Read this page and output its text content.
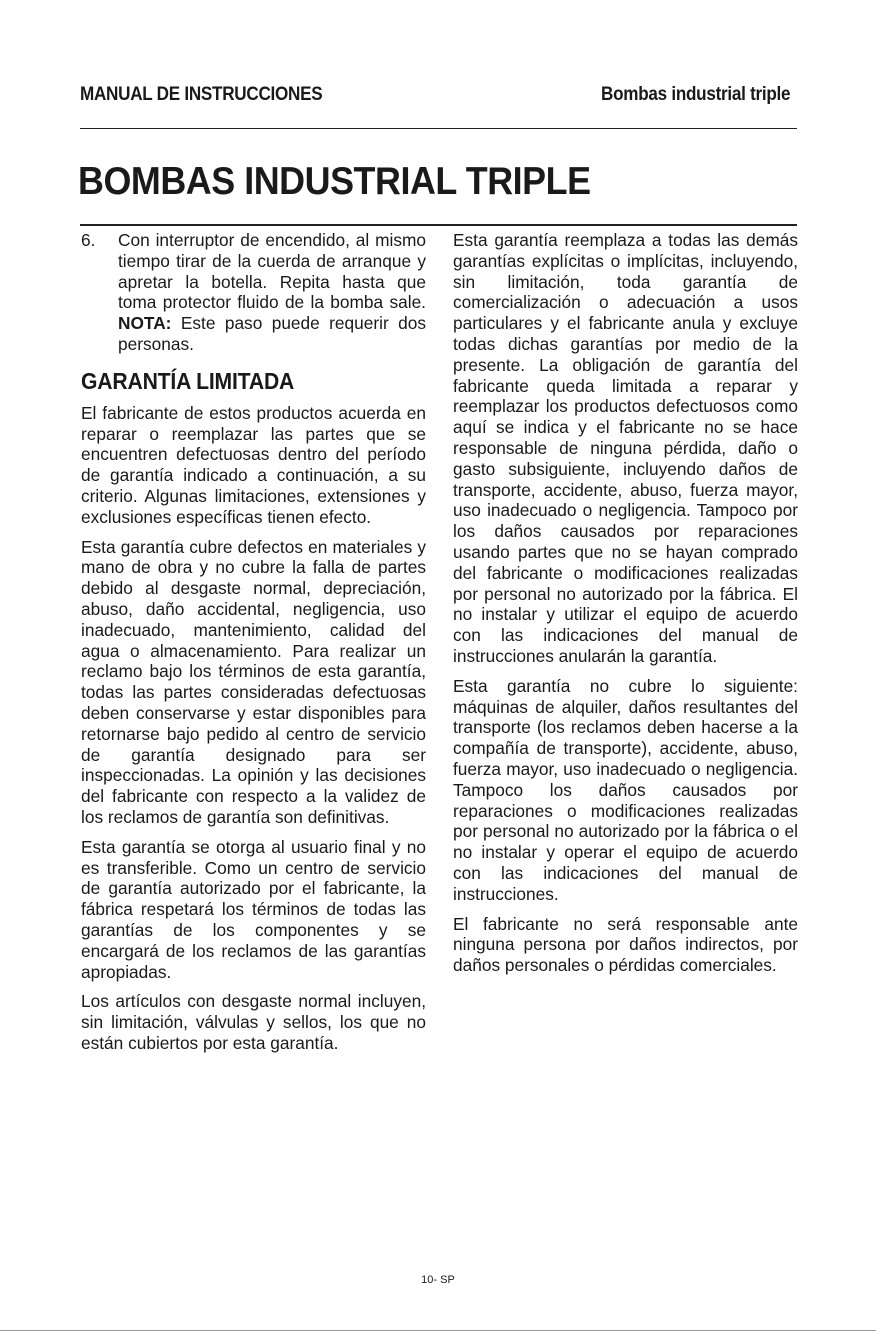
MANUAL DE INSTRUCCIONES	Bombas industrial triple
BOMBAS INDUSTRIAL TRIPLE
6.	Con interruptor de encendido, al mismo tiempo tirar de la cuerda de arranque y apretar la botella. Repita hasta que toma protector fluido de la bomba sale. NOTA: Este paso puede requerir dos personas.
GARANTÍA LIMITADA

El fabricante de estos productos acuerda en reparar o reemplazar las partes que se encuentren defectuosas dentro del período de garantía indicado a continuación, a su criterio. Algunas limitaciones, extensiones y exclusiones específicas tienen efecto.

Esta garantía cubre defectos en materiales y mano de obra y no cubre la falla de partes debido al desgaste normal, depreciación, abuso, daño accidental, negligencia, uso inadecuado, mantenimiento, calidad del agua o almacenamiento. Para realizar un reclamo bajo los términos de esta garantía, todas las partes consideradas defectuosas deben conservarse y estar disponibles para retornarse bajo pedido al centro de servicio de garantía designado para ser inspeccionadas. La opinión y las decisiones del fabricante con respecto a la validez de los reclamos de garantía son definitivas.

Esta garantía se otorga al usuario final y no es transferible. Como un centro de servicio de garantía autorizado por el fabricante, la fábrica respetará los términos de todas las garantías de los componentes y se encargará de los reclamos de las garantías apropiadas.

Los artículos con desgaste normal incluyen, sin limitación, válvulas y sellos, los que no están cubiertos por esta garantía.

Esta garantía reemplaza a todas las demás garantías explícitas o implícitas, incluyendo, sin limitación, toda garantía de comercialización o adecuación a usos particulares y el fabricante anula y excluye todas dichas garantías por medio de la presente. La obligación de garantía del fabricante queda limitada a reparar y reemplazar los productos defectuosos como aquí se indica y el fabricante no se hace responsable de ninguna pérdida, daño o gasto subsiguiente, incluyendo daños de transporte, accidente, abuso, fuerza mayor, uso inadecuado o negligencia. Tampoco por los daños causados por reparaciones usando partes que no se hayan comprado del fabricante o modificaciones realizadas por personal no autorizado por la fábrica. El no instalar y utilizar el equipo de acuerdo con las indicaciones del manual de instrucciones anularán la garantía.

Esta garantía no cubre lo siguiente: máquinas de alquiler, daños resultantes del transporte (los reclamos deben hacerse a la compañía de transporte), accidente, abuso, fuerza mayor, uso inadecuado o negligencia. Tampoco los daños causados por reparaciones o modificaciones realizadas por personal no autorizado por la fábrica o el no instalar y operar el equipo de acuerdo con las indicaciones del manual de instrucciones.

El fabricante no será responsable ante ninguna persona por daños indirectos, por daños personales o pérdidas comerciales.

10- SP
